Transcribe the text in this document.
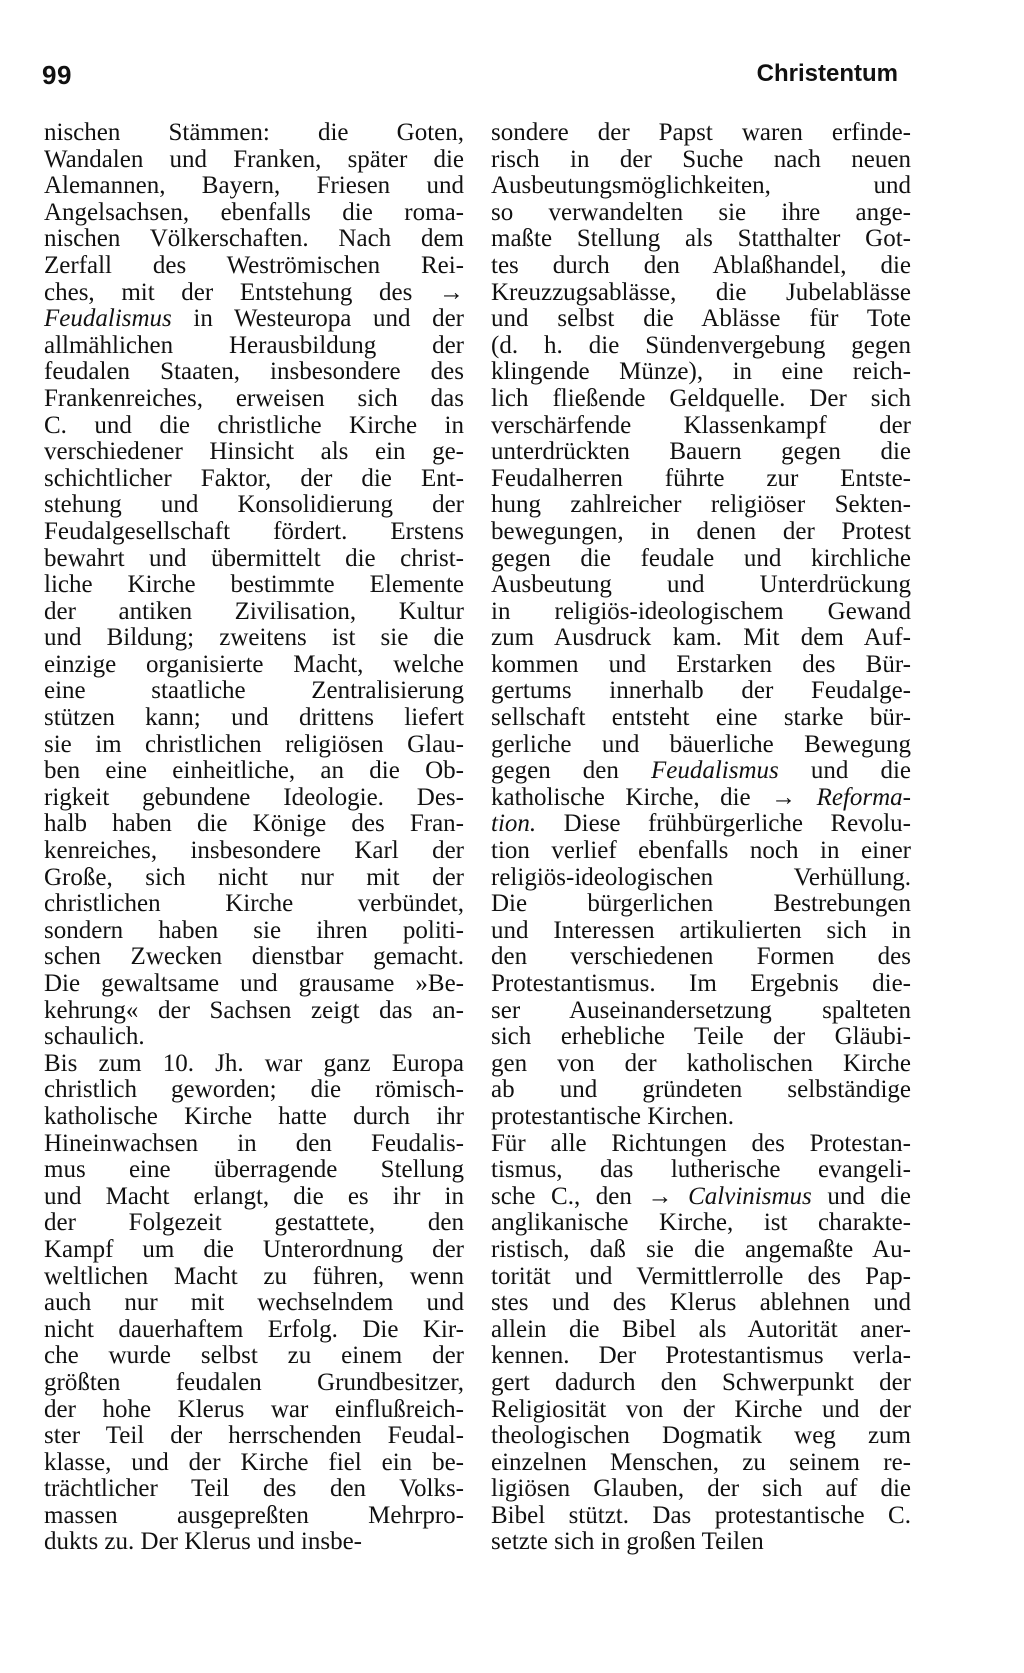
99	Christentum
nischen Stämmen: die Goten,
Wandalen und Franken, später die
Alemannen, Bayern, Friesen und
Angelsachsen, ebenfalls die roma-
nischen Völkerschaften. Nach dem
Zerfall des Weströmischen Rei-
ches, mit der Entstehung des →
Feudalismus in Westeuropa und der
allmählichen Herausbildung der
feudalen Staaten, insbesondere des
Frankenreiches, erweisen sich das
C. und die christliche Kirche in
verschiedener Hinsicht als ein ge-
schichtlicher Faktor, der die Ent-
stehung und Konsolidierung der
Feudalgesellschaft fördert. Erstens
bewahrt und übermittelt die christ-
liche Kirche bestimmte Elemente
der antiken Zivilisation, Kultur
und Bildung; zweitens ist sie die
einzige organisierte Macht, welche
eine staatliche Zentralisierung
stützen kann; und drittens liefert
sie im christlichen religiösen Glau-
ben eine einheitliche, an die Ob-
rigkeit gebundene Ideologie. Des-
halb haben die Könige des Fran-
kenreiches, insbesondere Karl der
Große, sich nicht nur mit der
christlichen Kirche verbündet,
sondern haben sie ihren politi-
schen Zwecken dienstbar gemacht.
Die gewaltsame und grausame »Be-
kehrung« der Sachsen zeigt das an-
schaulich.
Bis zum 10. Jh. war ganz Europa
christlich geworden; die römisch-
katholische Kirche hatte durch ihr
Hineinwachsen in den Feudalis-
mus eine überragende Stellung
und Macht erlangt, die es ihr in
der Folgezeit gestattete, den
Kampf um die Unterordnung der
weltlichen Macht zu führen, wenn
auch nur mit wechselndem und
nicht dauerhaftem Erfolg. Die Kir-
che wurde selbst zu einem der
größten feudalen Grundbesitzer,
der hohe Klerus war einflußreich-
ster Teil der herrschenden Feudal-
klasse, und der Kirche fiel ein be-
trächtlicher Teil des den Volks-
massen ausgepreßten Mehrpro-
dukts zu. Der Klerus und insbe-
sondere der Papst waren erfinde-
risch in der Suche nach neuen
Ausbeutungsmöglichkeiten, und
so verwandelten sie ihre ange-
maßte Stellung als Statthalter Got-
tes durch den Ablaßhandel, die
Kreuzzugsablässe, die Jubelablässe
und selbst die Ablässe für Tote
(d. h. die Sündenvergebung gegen
klingende Münze), in eine reich-
lich fließende Geldquelle. Der sich
verschärfende Klassenkampf der
unterdrückten Bauern gegen die
Feudalherren führte zur Entste-
hung zahlreicher religiöser Sekten-
bewegungen, in denen der Protest
gegen die feudale und kirchliche
Ausbeutung und Unterdrückung
in religiös-ideologischem Gewand
zum Ausdruck kam. Mit dem Auf-
kommen und Erstarken des Bür-
gertums innerhalb der Feudalge-
sellschaft entsteht eine starke bür-
gerliche und bäuerliche Bewegung
gegen den Feudalismus und die
katholische Kirche, die → Reforma-
tion. Diese frühbürgerliche Revolu-
tion verlief ebenfalls noch in einer
religiös-ideologischen Verhüllung.
Die bürgerlichen Bestrebungen
und Interessen artikulierten sich in
den verschiedenen Formen des
Protestantismus. Im Ergebnis die-
ser Auseinandersetzung spalteten
sich erhebliche Teile der Gläubi-
gen von der katholischen Kirche
ab und gründeten selbständige
protestantische Kirchen.
Für alle Richtungen des Protestan-
tismus, das lutherische evangeli-
sche C., den → Calvinismus und die
anglikanische Kirche, ist charakte-
ristisch, daß sie die angemaßte Au-
torität und Vermittlerrolle des Pap-
stes und des Klerus ablehnen und
allein die Bibel als Autorität aner-
kennen. Der Protestantismus verla-
gert dadurch den Schwerpunkt der
Religiosität von der Kirche und der
theologischen Dogmatik weg zum
einzelnen Menschen, zu seinem re-
ligiösen Glauben, der sich auf die
Bibel stützt. Das protestantische C.
setzte sich in großen Teilen
